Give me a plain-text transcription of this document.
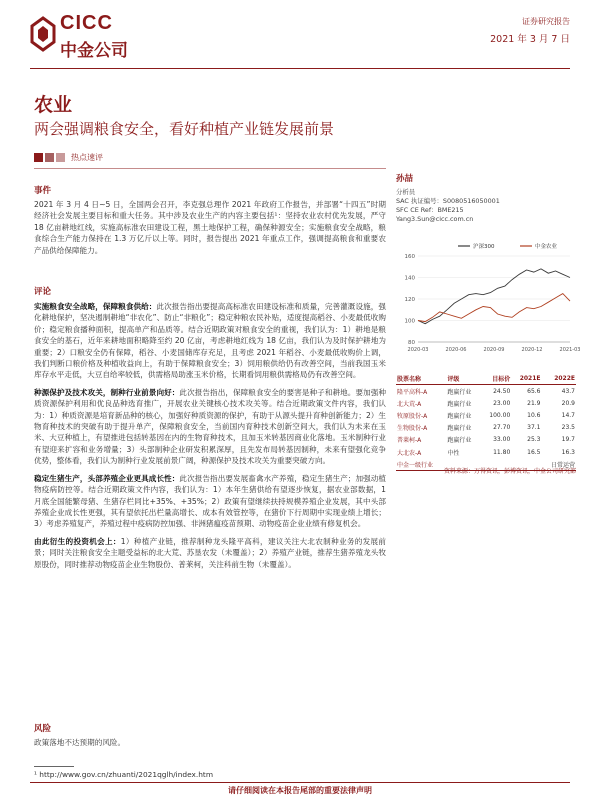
CICC
中金公司
证券研究报告
2021 年 3 月 7 日
农业
两会强调粮食安全，看好种植产业链发展前景
热点速评
事件
2021 年 3 月 4 日~5 日，全国两会召开，李克强总理作 2021 年政府工作报告，并部署“十四五”时期经济社会发展主要目标和重大任务。其中涉及农业生产的内容主要包括¹：坚持农业农村优先发展，严守 18 亿亩耕地红线，实施高标准农田建设工程，黑土地保护工程，确保种源安全；实施粮食安全战略，粮食综合生产能力保持在 1.3 万亿斤以上等。同时，报告提出 2021 年重点工作，强调提高粮食和重要农产品供给保障能力。
评论
实施粮食安全战略，保障粮食供给：此次报告指出要提高高标准农田建设标准和质量，完善灌溉设施，强化耕地保护，坚决遏制耕地“非农化”、防止“非粮化”；稳定种粮农民补贴，适度提高稻谷、小麦最低收购价；稳定粮食播种面积，提高单产和品质等。结合近期政策对粮食安全的重视，我们认为：1）耕地是粮食安全的基石，近年来耕地面积略降至约 20 亿亩，考虑耕地红线为 18 亿亩，我们认为及时保护耕地为重要；2）口粮安全仍有保障，稻谷、小麦国储库存充足，且考虑 2021 年稻谷、小麦最低收购价上调，我们判断口粮价格及种植收益向上，有助于保障粮食安全；3）饲用粮供给仍有改善空间，当前我国玉米库存水平走低，大豆自给率较低，供需格局助涨玉米价格，长期看饲用粮供需格局仍有改善空间。
种源保护及技术攻关，制种行业前景向好：此次报告指出，保障粮食安全的要害是种子和耕地。要加强种质资源保护利用和优良品种选育推广，开展农业关键核心技术攻关等。结合近期政策文件内容，我们认为：1）种质资源是培育新品种的核心，加强好种质资源的保护，有助于从源头提升育种创新能力；2）生物育种技术的突破有助于提升单产，保障粮食安全，当前国内育种技术创新空间大，我们认为未来在玉米、大豆种植上，有望推进包括转基因在内的生物育种技术，且加玉米转基因商业化落地。玉米制种行业有望迎来扩容和业务增量；3）头部制种企业研发积累深厚，且先发布局转基因制种，未来有望强化竞争优势，整体看，我们认为制种行业发展前景广阔，种源保护及技术攻关为重要突破方向。
稳定生猪生产，头部养殖企业更具成长性：此次报告指出要发展畜禽水产养殖，稳定生猪生产；加强动植物疫病防控等。结合近期政策文件内容，我们认为：1）本年生猪供给有望逐步恢复，据农业部数据，1 月底全国能繁母猪、生猪存栏同比+35%、+35%；2）政策有望继续扶持规模养殖企业发展，其中头部养殖企业成长性更强，其有望依托出栏量高增长、成本有效管控等，在猪价下行周期中实现业绩上增长；3）考虑养殖复产，养殖过程中疫病防控加强、非洲猪瘟疫苗预期、动物疫苗企业业绩有修复机会。
由此衍生的投资机会上：1）种植产业链，推荐制种龙头隆平高科，建议关注大北农制种业务的发展前景；同时关注粮食安全主题受益标的北大荒、苏垦农发（未覆盖）；2）养殖产业链，推荐生猪养殖龙头牧原股份，同时推荐动物疫苗企业生物股份、普莱柯，关注科前生物（未覆盖）。
风险
政策落地不达预期的风险。
¹ http://www.gov.cn/zhuanti/2021qglh/index.htm
孙喆
分析员
SAC 执证编号：S0080516050001
SFC CE Ref：BME215
Yang3.Sun@cicc.com.cn
80
100
120
140
160
2020-03	2020-06	2020-09	2020-12	2021-03
沪深300	中金农业
股票名称	评级	目标价	2021E	2022E
隆平高科-A	跑赢行业	24.50	65.6	43.7
北大荒-A	跑赢行业	23.00	21.9	20.9
牧原股份-A	跑赢行业	100.00	10.6	14.7
生物股份-A	跑赢行业	27.70	37.1	23.5
普莱柯-A	跑赢行业	33.00	25.3	19.7
大北农-A	中性	11.80	16.5	16.3
中金一级行业				日常运营
资料来源：万得资讯，彭博资讯，中金公司研究部
请仔细阅读在本报告尾部的重要法律声明
